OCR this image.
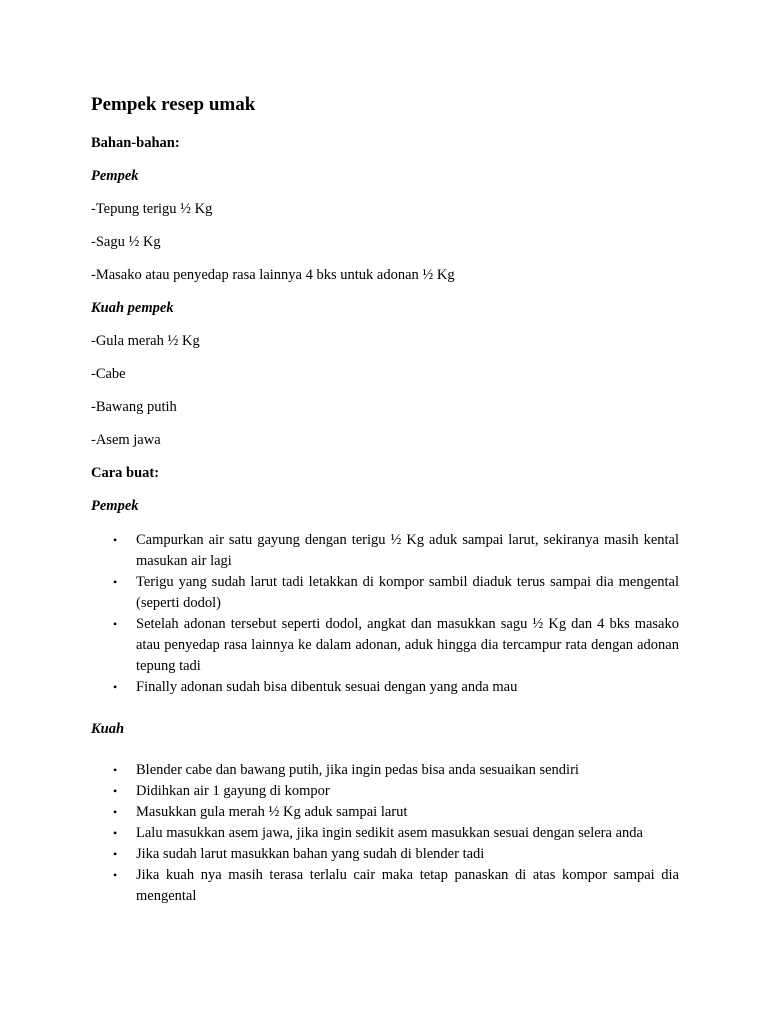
Pempek resep umak

Bahan-bahan:

Pempek

-Tepung terigu ½ Kg

-Sagu ½ Kg

-Masako atau penyedap rasa lainnya 4 bks untuk adonan ½ Kg

Kuah pempek

-Gula merah ½ Kg

-Cabe

-Bawang putih

-Asem jawa

Cara buat:

Pempek

• Campurkan air satu gayung dengan terigu ½ Kg aduk sampai larut, sekiranya masih kental masukan air lagi
• Terigu yang sudah larut tadi letakkan di kompor sambil diaduk terus sampai dia mengental (seperti dodol)
• Setelah adonan tersebut seperti dodol, angkat dan masukkan sagu ½ Kg dan 4 bks masako atau penyedap rasa lainnya ke dalam adonan, aduk hingga dia tercampur rata dengan adonan tepung tadi
• Finally adonan sudah bisa dibentuk sesuai dengan yang anda mau

Kuah

• Blender cabe dan bawang putih, jika ingin pedas bisa anda sesuaikan sendiri
• Didihkan air 1 gayung di kompor
• Masukkan gula merah ½ Kg aduk sampai larut
• Lalu masukkan asem jawa, jika ingin sedikit asem masukkan sesuai dengan selera anda
• Jika sudah larut masukkan bahan yang sudah di blender tadi
• Jika kuah nya masih terasa terlalu cair maka tetap panaskan di atas kompor sampai dia mengental
